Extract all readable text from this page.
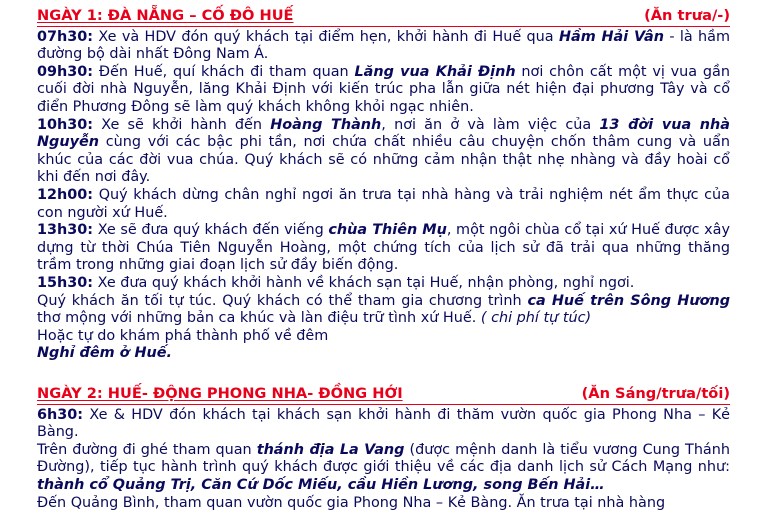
NGÀY 1: ĐÀ NẴNG – CỐ ĐÔ HUẾ	(Ăn trưa/-)

07h30: Xe và HDV đón quý khách tại điểm hẹn, khởi hành đi Huế qua Hầm Hải Vân - là hầm đường bộ dài nhất Đông Nam Á.

09h30: Đến Huế, quí khách đi tham quan Lăng vua Khải Định nơi chôn cất một vị vua gần cuối đời nhà Nguyễn, lăng Khải Định với kiến trúc pha lẫn giữa nét hiện đại phương Tây và cổ điển Phương Đông sẽ làm quý khách không khỏi ngạc nhiên.

10h30: Xe sẽ khởi hành đến Hoàng Thành, nơi ăn ở và làm việc của 13 đời vua nhà Nguyễn cùng với các bậc phi tần, nơi chứa chất nhiều câu chuyện chốn thâm cung và uẩn khúc của các đời vua chúa. Quý khách sẽ có những cảm nhận thật nhẹ nhàng và đầy hoài cổ khi đến nơi đây.

12h00: Quý khách dừng chân nghỉ ngơi ăn trưa tại nhà hàng và trải nghiệm nét ẩm thực của con người xứ Huế.

13h30: Xe sẽ đưa quý khách đến viếng chùa Thiên Mụ, một ngôi chùa cổ tại xứ Huế được xây dựng từ thời Chúa Tiên Nguyễn Hoàng, một chứng tích của lịch sử đã trải qua những thăng trầm trong những giai đoạn lịch sử đầy biến động.

15h30: Xe đưa quý khách khởi hành về khách sạn tại Huế, nhận phòng, nghỉ ngơi.

Quý khách ăn tối tự túc. Quý khách có thể tham gia chương trình ca Huế trên Sông Hương thơ mộng với những bản ca khúc và làn điệu trữ tình xứ Huế. ( chi phí tự túc)

Hoặc tự do khám phá thành phố về đêm

Nghỉ đêm ở Huế.

NGÀY 2: HUẾ- ĐỘNG PHONG NHA- ĐỒNG HỚI	(Ăn Sáng/trưa/tối)

6h30: Xe & HDV đón khách tại khách sạn khởi hành đi thăm vườn quốc gia Phong Nha – Kẻ Bàng.

Trên đường đi ghé tham quan thánh địa La Vang (được mệnh danh là tiểu vương Cung Thánh Đường), tiếp tục hành trình quý khách được giới thiệu về các địa danh lịch sử Cách Mạng như: thành cổ Quảng Trị, Căn Cứ Dốc Miếu, cầu Hiền Lương, song Bến Hải…

Đến Quảng Bình, tham quan vườn quốc gia Phong Nha – Kẻ Bàng. Ăn trưa tại nhà hàng
